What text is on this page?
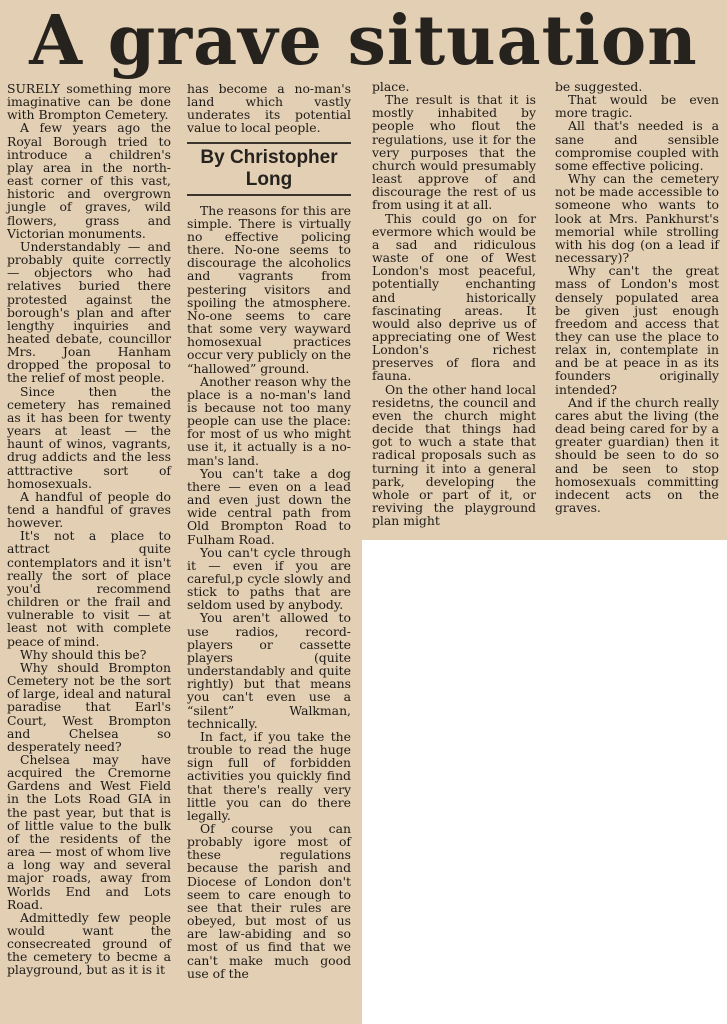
A grave situation

SURELY something more imaginative can be done with Brompton Cemetery.

A few years ago the Royal Borough tried to introduce a children's play area in the north-east corner of this vast, historic and overgrown jungle of graves, wild flowers, grass and Victorian monuments.

Understandably — and probably quite correctly — objectors who had relatives buried there protested against the borough's plan and after lengthy inquiries and heated debate, councillor Mrs. Joan Hanham dropped the proposal to the relief of most people.

Since then the cemetery has remained as it has been for twenty years at least — the haunt of winos, vagrants, drug addicts and the less atttractive sort of homosexuals.

A handful of people do tend a handful of graves however.

It's not a place to attract quite contemplators and it isn't really the sort of place you'd recommend children or the frail and vulnerable to visit — at least not with complete peace of mind.

Why should this be?

Why should Brompton Cemetery not be the sort of large, ideal and natural paradise that Earl's Court, West Brompton and Chelsea so desperately need?

Chelsea may have acquired the Cremorne Gardens and West Field in the Lots Road GIA in the past year, but that is of little value to the bulk of the residents of the area — most of whom live a long way and several major roads, away from Worlds End and Lots Road.

Admittedly few people would want the consecreated ground of the cemetery to becme a playground, but as it is it

has become a no-man's land which vastly underates its potential value to local people.

By Christopher Long

The reasons for this are simple. There is virtually no effective policing there. No-one seems to discourage the alcoholics and vagrants from pestering visitors and spoiling the atmosphere. No-one seems to care that some very wayward homosexual practices occur very publicly on the “hallowed” ground.

Another reason why the place is a no-man's land is because not too many people can use the place: for most of us who might use it, it actually is a no-man's land.

You can't take a dog there — even on a lead and even just down the wide central path from Old Brompton Road to Fulham Road.

You can't cycle through it — even if you are careful,p cycle slowly and stick to paths that are seldom used by anybody.

You aren't allowed to use radios, record-players or cassette players (quite understandably and quite rightly) but that means you can't even use a “silent” Walkman, technically.

In fact, if you take the trouble to read the huge sign full of forbidden activities you quickly find that there's really very little you can do there legally.

Of course you can probably igore most of these regulations because the parish and Diocese of London don't seem to care enough to see that their rules are obeyed, but most of us are law-abiding and so most of us find that we can't make much good use of the

place.

The result is that it is mostly inhabited by people who flout the regulations, use it for the very purposes that the church would presumably least approve of and discourage the rest of us from using it at all.

This could go on for evermore which would be a sad and ridiculous waste of one of West London's most peaceful, potentially enchanting and historically fascinating areas. It would also deprive us of appreciating one of West London's richest preserves of flora and fauna.

On the other hand local residetns, the council and even the church might decide that things had got to wuch a state that radical proposals such as turning it into a general park, developing the whole or part of it, or reviving the playground plan might

be suggested.

That would be even more tragic.

All that's needed is a sane and sensible compromise coupled with some effective policing.

Why can the cemetery not be made accessible to someone who wants to look at Mrs. Pankhurst's memorial while strolling with his dog (on a lead if necessary)?

Why can't the great mass of London's most densely populated area be given just enough freedom and access that they can use the place to relax in, contemplate in and be at peace in as its founders originally intended?

And if the church really cares abut the living (the dead being cared for by a greater guardian) then it should be seen to do so and be seen to stop homosexuals committing indecent acts on the graves.
